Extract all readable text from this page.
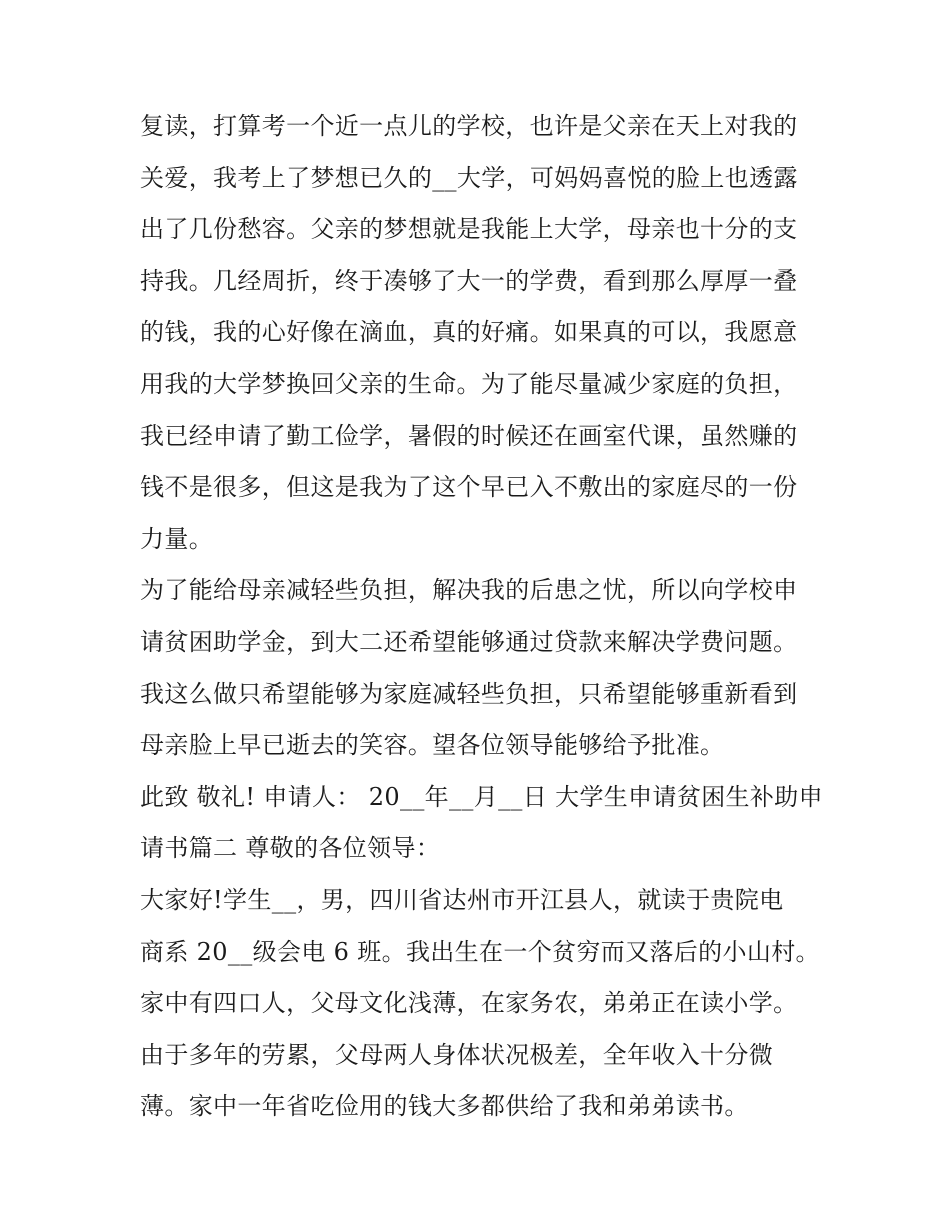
复读，打算考一个近一点儿的学校，也许是父亲在天上对我的
关爱，我考上了梦想已久的__大学，可妈妈喜悦的脸上也透露
出了几份愁容。父亲的梦想就是我能上大学，母亲也十分的支
持我。几经周折，终于凑够了大一的学费，看到那么厚厚一叠
的钱，我的心好像在滴血，真的好痛。如果真的可以，我愿意
用我的大学梦换回父亲的生命。为了能尽量减少家庭的负担，
我已经申请了勤工俭学，暑假的时候还在画室代课，虽然赚的
钱不是很多，但这是我为了这个早已入不敷出的家庭尽的一份
力量。
为了能给母亲减轻些负担，解决我的后患之忧，所以向学校申
请贫困助学金，到大二还希望能够通过贷款来解决学费问题。
我这么做只希望能够为家庭减轻些负担，只希望能够重新看到
母亲脸上早已逝去的笑容。望各位领导能够给予批准。
此致 敬礼! 申请人： 20__年__月__日 大学生申请贫困生补助申
请书篇二 尊敬的各位领导：
大家好!学生__，男，四川省达州市开江县人，就读于贵院电
商系 20__级会电 6 班。我出生在一个贫穷而又落后的小山村。
家中有四口人，父母文化浅薄，在家务农，弟弟正在读小学。
由于多年的劳累，父母两人身体状况极差，全年收入十分微
薄。家中一年省吃俭用的钱大多都供给了我和弟弟读书。
